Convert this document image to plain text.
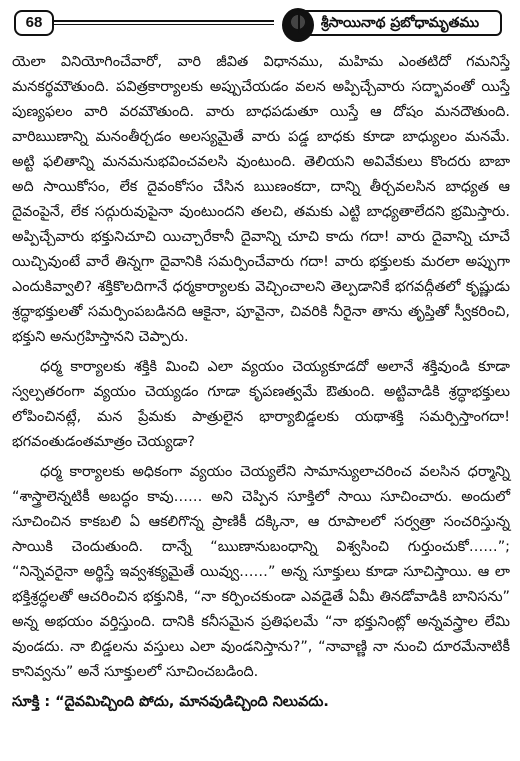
68	శ్రీసాయినాథ ప్రబోధామృతము

యెలా వినియోగించేవారో, వారి జీవిత విధానము, మహిమ ఎంతటిదో గమనిస్తే మనకర్థమౌతుంది. పవిత్రకార్యాలకు అప్పుచేయడం వలన అప్పిచ్చేవారు సద్భావంతో యిస్తే పుణ్యఫలం వారి వరమౌతుంది. వారు బాధపడుతూ యిస్తే ఆ దోషం మనదౌతుంది. వారిఋణాన్ని మనంతీర్చడం అలస్యమైతే వారు పడ్డ బాధకు కూడా బాధ్యులం మనమే. అట్టి ఫలితాన్ని మనమనుభవించవలసి వుంటుంది. తెలియని అవివేకులు కొందరు బాబా అది సాయికోసం, లేక దైవంకోసం చేసిన ఋణంకదా, దాన్ని తీర్చవలసిన బాధ్యత ఆ దైవంపైనే, లేక సద్గురువుపైనా వుంటుందని తలచి, తమకు ఎట్టి బాధ్యతాలేదని భ్రమిస్తారు. అప్పిచ్చేవారు భక్తునిచూచి యిచ్చారేకానీ దైవాన్ని చూచి కాదు గదా! వారు దైవాన్ని చూచే యిచ్చివుంటే వారే తిన్నగా దైవానికి సమర్పించేవారు గదా! వారు భక్తులకు మరలా అప్పుగా ఎందుకివ్వాలి? శక్తికొలదిగానే ధర్మకార్యాలకు వెచ్చించాలని తెల్పడానికే భగవద్గీతలో కృష్ణుడు శ్రద్ధాభక్తులతో సమర్పింపబడినది ఆకైనా, పూవైనా, చివరికి నీరైనా తాను తృప్తితో స్వీకరించి, భక్తుని అనుగ్రహిస్తానని చెప్పారు.

ధర్మ కార్యాలకు శక్తికి మించి ఎలా వ్యయం చెయ్యకూడదో అలానే శక్తివుండి కూడా స్వల్పతరంగా వ్యయం చెయ్యడం గూడా కృపణత్వమే ఔతుంది. అట్టివాడికి శ్రద్ధాభక్తులు లోపించినట్లే, మన ప్రేమకు పాత్రులైన భార్యాబిడ్డలకు యథాశక్తి సమర్పిస్తాంగదా! భగవంతుడంతమాత్రం చెయ్యడా?

ధర్మ కార్యాలకు అధికంగా వ్యయం చెయ్యలేని సామాన్యులాచరించ వలసిన ధర్మాన్ని “శాస్త్రాలెన్నటికీ అబద్ధం కావు…… అని చెప్పిన సూక్తిలో సాయి సూచించారు. అందులో సూచించిన కాకబలి ఏ ఆకలిగొన్న ప్రాణికీ దక్కినా, ఆ రూపాలలో సర్వత్రా సంచరిస్తున్న సాయికి చెందుతుంది. దాన్నే “ఋణానుబంధాన్ని విశ్వసించి గుర్తుంచుకో……”; “నిన్నెవరైనా అర్థిస్తే ఇవ్వశక్యమైతే యివ్వు……” అన్న సూక్తులు కూడా సూచిస్తాయి. ఆ లా భక్తిశ్రద్ధలతో ఆచరించిన భక్తునికి, “నా కర్పించకుండా ఎవడైతే ఏమీ తినడోవాడికి బానిసను” అన్న అభయం వర్తిస్తుంది. దానికి కనీసమైన ప్రతిఫలమే “నా భక్తునింట్లో అన్నవస్త్రాల లేమి వుండదు. నా బిడ్డలను వస్తులు ఎలా వుండనిస్తాను?”, “నావాణ్ణి నా నుంచి దూరమేనాటికీ కానివ్వను” అనే సూక్తులలో సూచించబడింది.

సూక్తి : “దైవమిచ్చింది పోదు, మానవుడిచ్చింది నిలువదు.
